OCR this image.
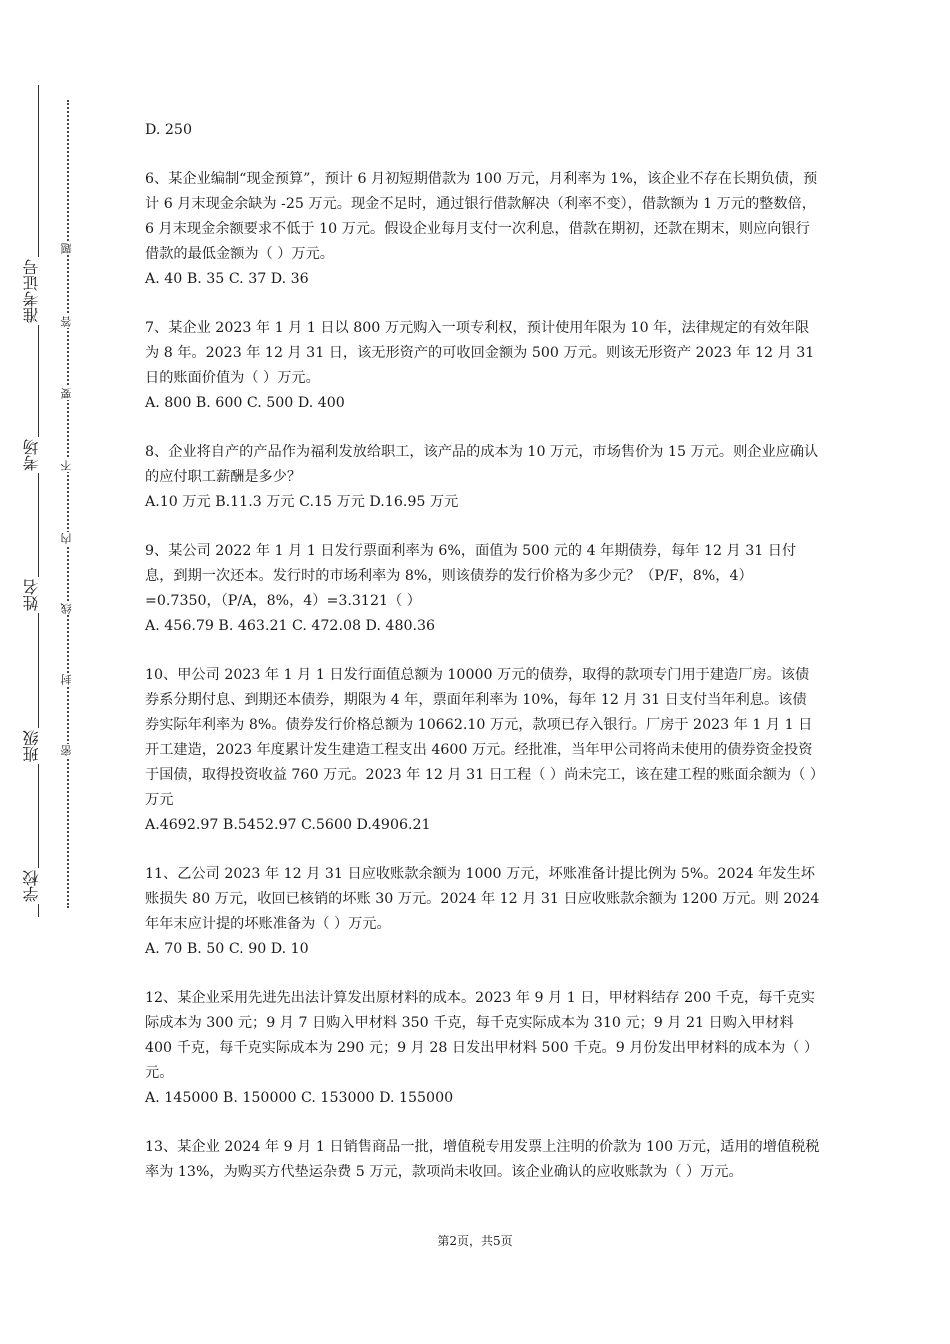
学校
班级
姓名
考场
准考证号
密
封
线
内
不
要
答
题

D. 250

6、某企业编制“现金预算”，预计 6 月初短期借款为 100 万元，月利率为 1%，该企业不存在长期负债，预计 6 月末现金余缺为 -25 万元。现金不足时，通过银行借款解决（利率不变），借款额为 1 万元的整数倍，6 月末现金余额要求不低于 10 万元。假设企业每月支付一次利息，借款在期初，还款在期末，则应向银行借款的最低金额为（ ）万元。

A. 40 B. 35 C. 37 D. 36

7、某企业 2023 年 1 月 1 日以 800 万元购入一项专利权，预计使用年限为 10 年，法律规定的有效年限为 8 年。2023 年 12 月 31 日，该无形资产的可收回金额为 500 万元。则该无形资产 2023 年 12 月 31 日的账面价值为（ ）万元。

A. 800 B. 600 C. 500 D. 400

8、企业将自产的产品作为福利发放给职工，该产品的成本为 10 万元，市场售价为 15 万元。则企业应确认的应付职工薪酬是多少？

A.10 万元 B.11.3 万元 C.15 万元 D.16.95 万元

9、某公司 2022 年 1 月 1 日发行票面利率为 6%，面值为 500 元的 4 年期债券，每年 12 月 31 日付息，到期一次还本。发行时的市场利率为 8%，则该债券的发行价格为多少元？（P/F，8%，4）=0.7350，（P/A，8%，4）=3.3121（ ）

A. 456.79 B. 463.21 C. 472.08 D. 480.36

10、甲公司 2023 年 1 月 1 日发行面值总额为 10000 万元的债券，取得的款项专门用于建造厂房。该债券系分期付息、到期还本债券，期限为 4 年，票面年利率为 10%，每年 12 月 31 日支付当年利息。该债券实际年利率为 8%。债券发行价格总额为 10662.10 万元，款项已存入银行。厂房于 2023 年 1 月 1 日开工建造，2023 年度累计发生建造工程支出 4600 万元。经批准，当年甲公司将尚未使用的债券资金投资于国债，取得投资收益 760 万元。2023 年 12 月 31 日工程（ ）尚未完工，该在建工程的账面余额为（ ）万元

A.4692.97 B.5452.97 C.5600 D.4906.21

11、乙公司 2023 年 12 月 31 日应收账款余额为 1000 万元，坏账准备计提比例为 5%。2024 年发生坏账损失 80 万元，收回已核销的坏账 30 万元。2024 年 12 月 31 日应收账款余额为 1200 万元。则 2024 年年末应计提的坏账准备为（ ）万元。

A. 70 B. 50 C. 90 D. 10

12、某企业采用先进先出法计算发出原材料的成本。2023 年 9 月 1 日，甲材料结存 200 千克，每千克实际成本为 300 元；9 月 7 日购入甲材料 350 千克，每千克实际成本为 310 元；9 月 21 日购入甲材料 400 千克，每千克实际成本为 290 元；9 月 28 日发出甲材料 500 千克。9 月份发出甲材料的成本为（ ）元。

A. 145000 B. 150000 C. 153000 D. 155000

13、某企业 2024 年 9 月 1 日销售商品一批，增值税专用发票上注明的价款为 100 万元，适用的增值税税率为 13%，为购买方代垫运杂费 5 万元，款项尚未收回。该企业确认的应收账款为（ ）万元。

第2页，共5页
